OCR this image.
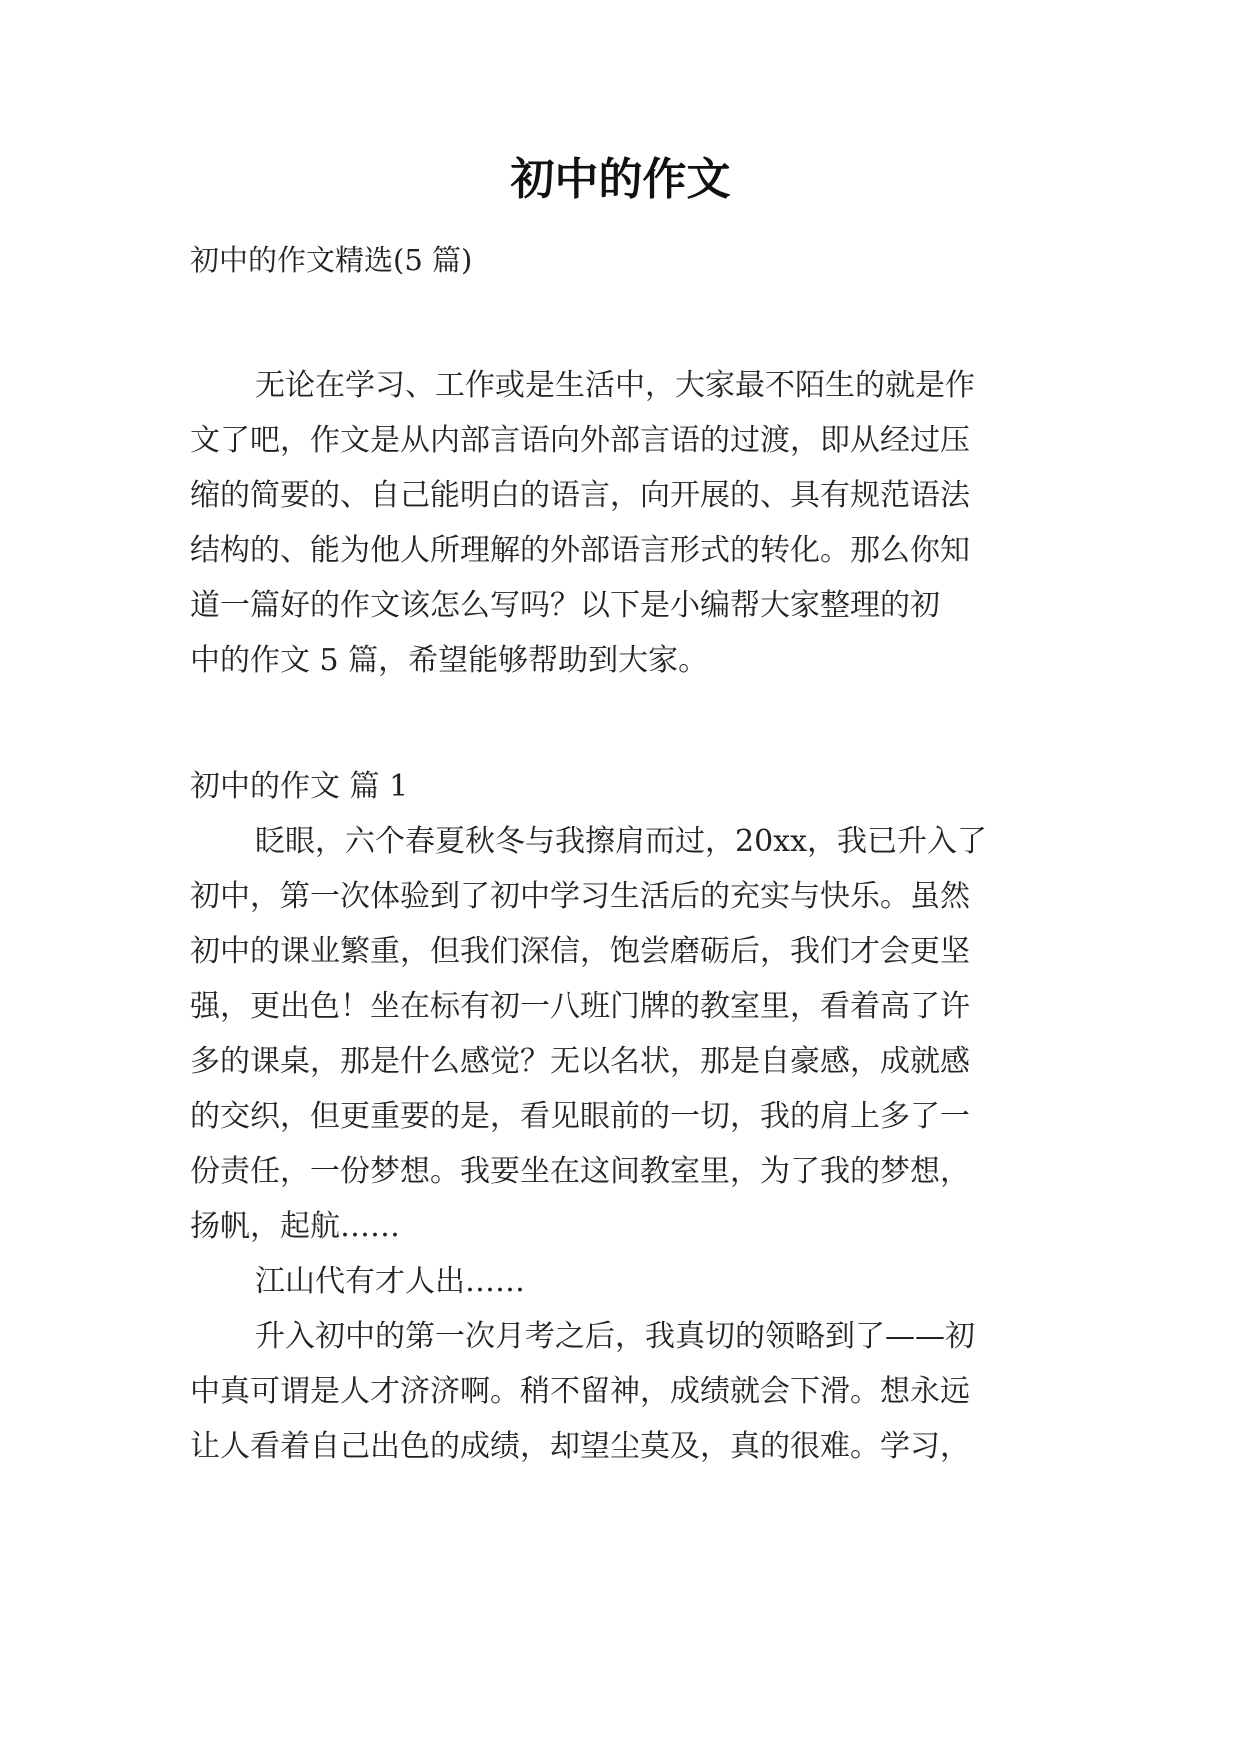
初中的作文
初中的作文精选(5 篇)
无论在学习、工作或是生活中，大家最不陌生的就是作
文了吧，作文是从内部言语向外部言语的过渡，即从经过压
缩的简要的、自己能明白的语言，向开展的、具有规范语法
结构的、能为他人所理解的外部语言形式的转化。那么你知
道一篇好的作文该怎么写吗？以下是小编帮大家整理的初
中的作文 5 篇，希望能够帮助到大家。
初中的作文 篇 1
眨眼，六个春夏秋冬与我擦肩而过，20xx，我已升入了
初中，第一次体验到了初中学习生活后的充实与快乐。虽然
初中的课业繁重，但我们深信，饱尝磨砺后，我们才会更坚
强，更出色！坐在标有初一八班门牌的教室里，看着高了许
多的课桌，那是什么感觉？无以名状，那是自豪感，成就感
的交织，但更重要的是，看见眼前的一切，我的肩上多了一
份责任，一份梦想。我要坐在这间教室里，为了我的梦想，
扬帆，起航……
江山代有才人出……
升入初中的第一次月考之后，我真切的领略到了——初
中真可谓是人才济济啊。稍不留神，成绩就会下滑。想永远
让人看着自己出色的成绩，却望尘莫及，真的很难。学习，
